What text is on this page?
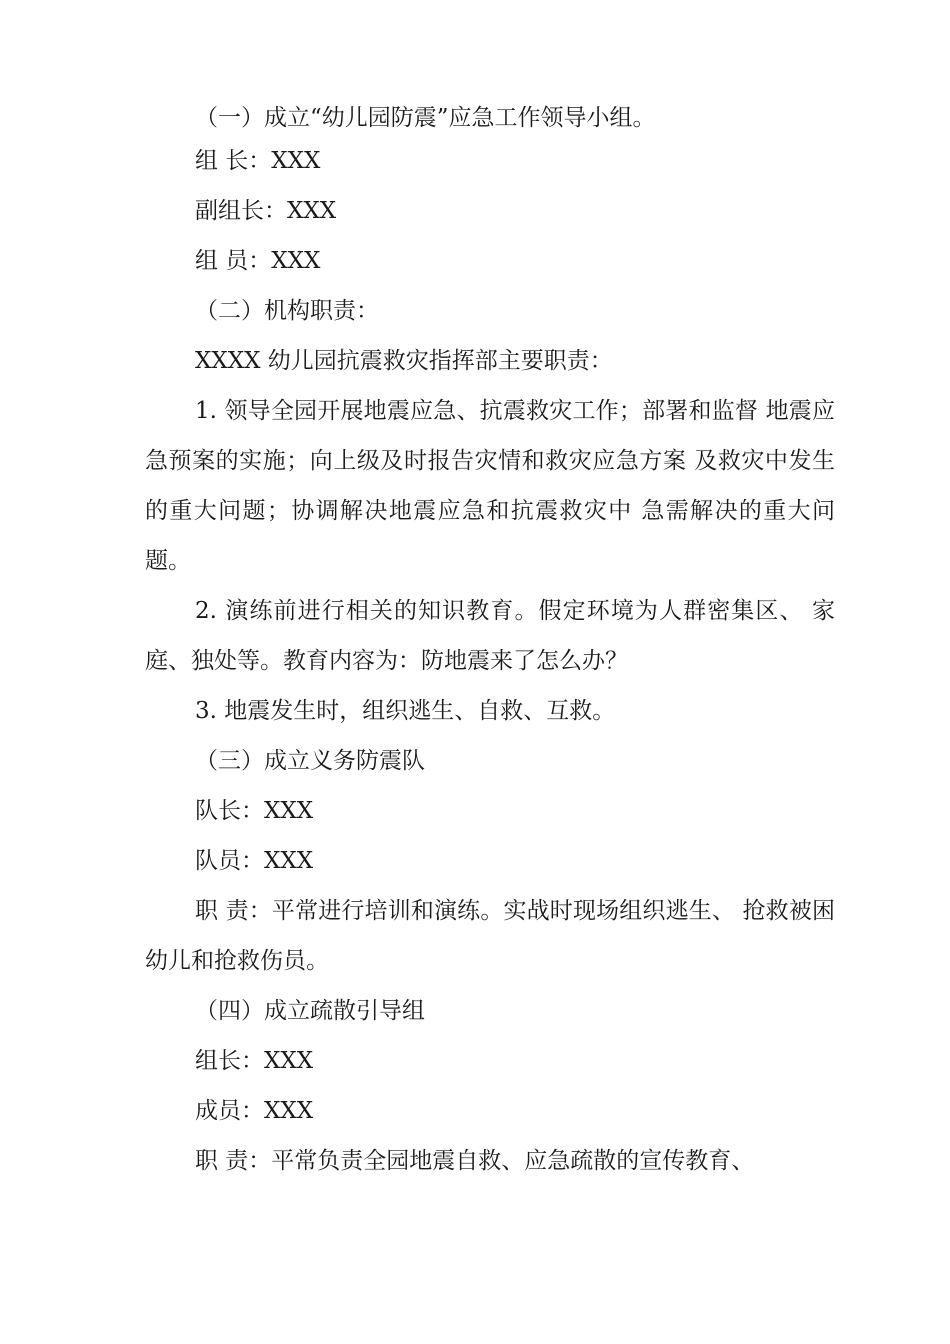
（一）成立“幼儿园防震”应急工作领导小组。
组 长：XXX
副组长：XXX
组 员：XXX
（二）机构职责：
XXXX 幼儿园抗震救灾指挥部主要职责：
1. 领导全园开展地震应急、抗震救灾工作；部署和监督 地震应急预案的实施；向上级及时报告灾情和救灾应急方案 及救灾中发生的重大问题；协调解决地震应急和抗震救灾中 急需解决的重大问题。
2. 演练前进行相关的知识教育。假定环境为人群密集区、 家庭、独处等。教育内容为：防地震来了怎么办？
3. 地震发生时，组织逃生、自救、互救。
（三）成立义务防震队
队长：XXX
队员：XXX
职 责：平常进行培训和演练。实战时现场组织逃生、 抢救被困幼儿和抢救伤员。
（四）成立疏散引导组
组长：XXX
成员：XXX
职 责：平常负责全园地震自救、应急疏散的宣传教育、
